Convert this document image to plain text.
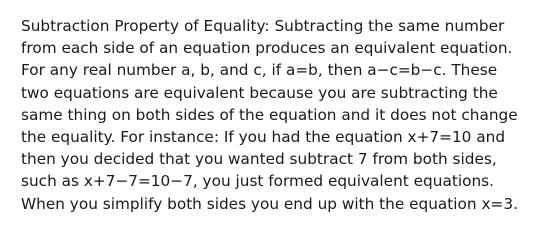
Subtraction Property of Equality: Subtracting the same number
from each side of an equation produces an equivalent equation.
For any real number a, b, and c, if a=b, then a−c=b−c. These
two equations are equivalent because you are subtracting the
same thing on both sides of the equation and it does not change
the equality. For instance: If you had the equation x+7=10 and
then you decided that you wanted subtract 7 from both sides,
such as x+7−7=10−7, you just formed equivalent equations.
When you simplify both sides you end up with the equation x=3.
